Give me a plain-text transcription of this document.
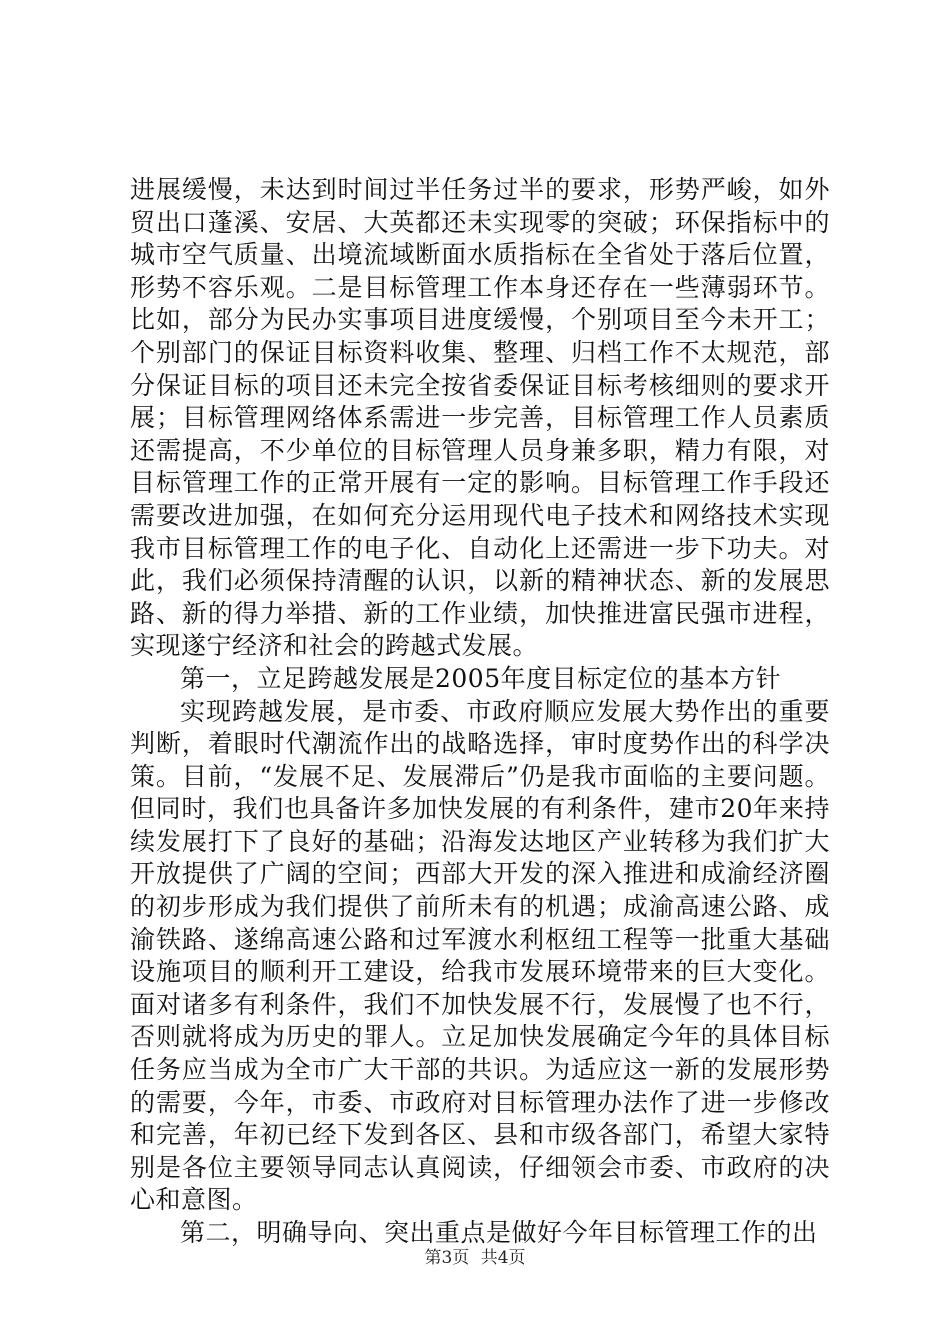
进展缓慢，未达到时间过半任务过半的要求，形势严峻，如外贸出口蓬溪、安居、大英都还未实现零的突破；环保指标中的城市空气质量、出境流域断面水质指标在全省处于落后位置，形势不容乐观。二是目标管理工作本身还存在一些薄弱环节。比如，部分为民办实事项目进度缓慢，个别项目至今未开工；个别部门的保证目标资料收集、整理、归档工作不太规范，部分保证目标的项目还未完全按省委保证目标考核细则的要求开展；目标管理网络体系需进一步完善，目标管理工作人员素质还需提高，不少单位的目标管理人员身兼多职，精力有限，对目标管理工作的正常开展有一定的影响。目标管理工作手段还需要改进加强，在如何充分运用现代电子技术和网络技术实现我市目标管理工作的电子化、自动化上还需进一步下功夫。对此，我们必须保持清醒的认识，以新的精神状态、新的发展思路、新的得力举措、新的工作业绩，加快推进富民强市进程，实现遂宁经济和社会的跨越式发展。

第一，立足跨越发展是2005年度目标定位的基本方针

实现跨越发展，是市委、市政府顺应发展大势作出的重要判断，着眼时代潮流作出的战略选择，审时度势作出的科学决策。目前，“发展不足、发展滞后”仍是我市面临的主要问题。但同时，我们也具备许多加快发展的有利条件，建市20年来持续发展打下了良好的基础；沿海发达地区产业转移为我们扩大开放提供了广阔的空间；西部大开发的深入推进和成渝经济圈的初步形成为我们提供了前所未有的机遇；成渝高速公路、成渝铁路、遂绵高速公路和过军渡水利枢纽工程等一批重大基础设施项目的顺利开工建设，给我市发展环境带来的巨大变化。面对诸多有利条件，我们不加快发展不行，发展慢了也不行，否则就将成为历史的罪人。立足加快发展确定今年的具体目标任务应当成为全市广大干部的共识。为适应这一新的发展形势的需要，今年，市委、市政府对目标管理办法作了进一步修改和完善，年初已经下发到各区、县和市级各部门，希望大家特别是各位主要领导同志认真阅读，仔细领会市委、市政府的决心和意图。

第二，明确导向、突出重点是做好今年目标管理工作的出

第3页 共4页
